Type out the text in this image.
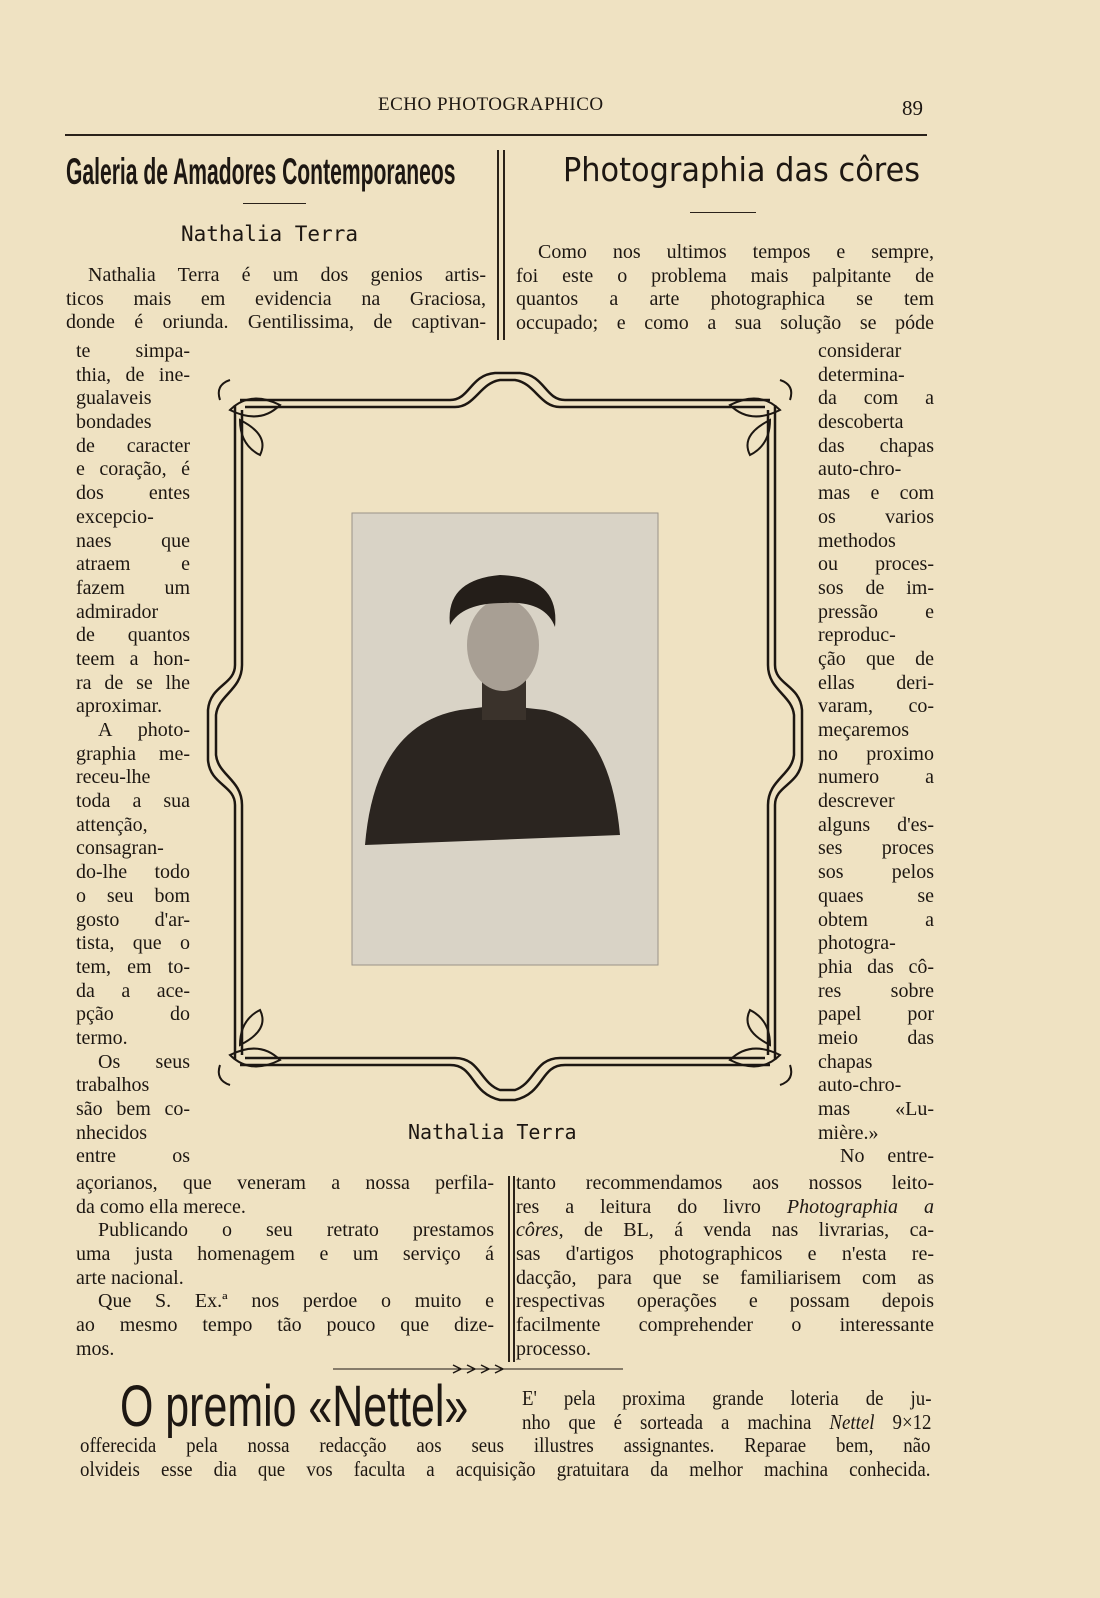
ECHO PHOTOGRAPHICO	89
Galeria de Amadores Contemporaneos
Nathalia Terra
Photographia das côres
Nathalia Terra é um dos genios artis-
ticos mais em evidencia na Graciosa,
donde é oriunda. Gentilissima, de captivan-
Como nos ultimos tempos e sempre,
foi este o problema mais palpitante de
quantos a arte photographica se tem
occupado; e como a sua solução se póde
te simpa-
thia, de ine-
gualaveis
bondades
de caracter
e coração, é
dos entes
excepcio-
naes que
atraem e
fazem um
admirador
de quantos
teem a hon-
ra de se lhe
aproximar.
A photo-
graphia me-
receu-lhe
toda a sua
attenção,
consagran-
do-lhe todo
o seu bom
gosto d'ar-
tista, que o
tem, em to-
da a ace-
pção do
termo.
Os seus
trabalhos
são bem co-
nhecidos
entre os
considerar
determina-
da com a
descoberta
das chapas
auto-chro-
mas e com
os varios
methodos
ou proces-
sos de im-
pressão e
reproduc-
ção que de
ellas deri-
varam, co-
meçaremos
no proximo
numero a
descrever
alguns d'es-
ses proces
sos pelos
quaes se
obtem a
photogra-
phia das cô-
res sobre
papel por
meio das
chapas
auto-chro-
mas «Lu-
mière.»
No entre-
açorianos, que veneram a nossa perfila-
da como ella merece.
Publicando o seu retrato prestamos
uma justa homenagem e um serviço á
arte nacional.
Que S. Ex.ª nos perdoe o muito e
ao mesmo tempo tão pouco que dize-
mos.
tanto recommendamos aos nossos leito-
res a leitura do livro Photographia a
côres, de BL, á venda nas livrarias, ca-
sas d'artigos photographicos e n'esta re-
dacção, para que se familiarisem com as
respectivas operações e possam depois
facilmente comprehender o interessante
processo.
Nathalia Terra
O premio «Nettel»	E' pela proxima grande loteria de ju-
nho que é sorteada a machina Nettel 9×12
offerecida pela nossa redacção aos seus illustres assignantes. Reparae bem, não
olvideis esse dia que vos faculta a acquisição gratuitara da melhor machina conhecida.
